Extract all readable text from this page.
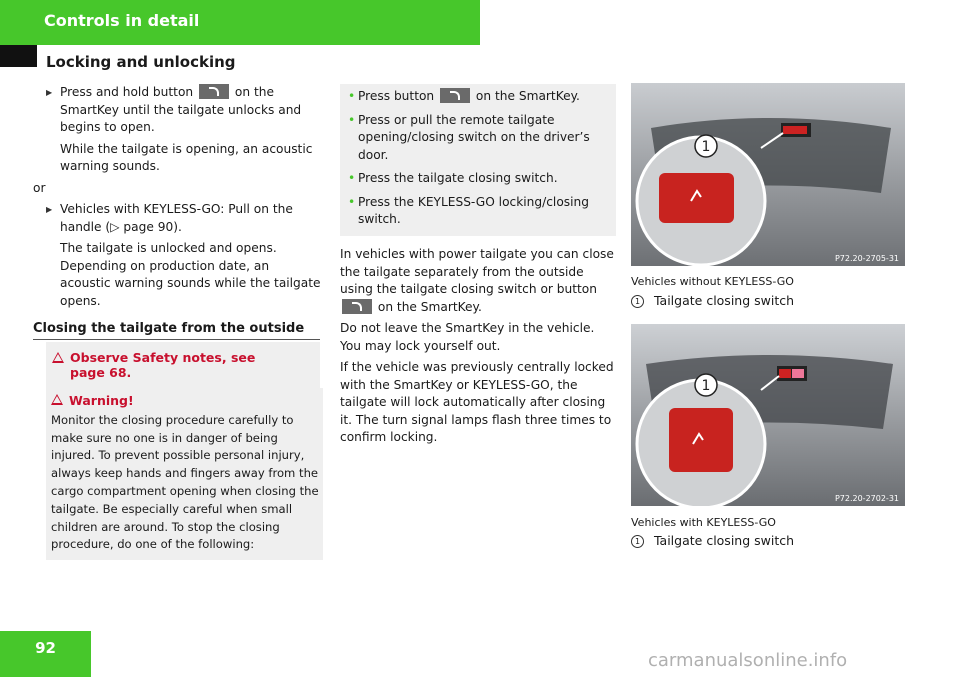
Controls in detail
Locking and unlocking

▶ Press and hold button	on the SmartKey until the tailgate unlocks and begins to open.

While the tailgate is opening, an acoustic warning sounds.

or

▶ Vehicles with KEYLESS-GO: Pull on the handle (▷ page 90).

The tailgate is unlocked and opens. Depending on production date, an acoustic warning sounds while the tailgate opens.

Closing the tailgate from the outside
Observe Safety notes, see page 68.
Warning!
Monitor the closing procedure carefully to make sure no one is in danger of being injured. To prevent possible personal injury, always keep hands and fingers away from the cargo compartment opening when closing the tailgate. Be especially careful when small children are around. To stop the closing procedure, do one of the following:
• Press button	on the SmartKey.
• Press or pull the remote tailgate opening/closing switch on the driver’s door.
• Press the tailgate closing switch.
• Press the KEYLESS-GO locking/closing switch.

In vehicles with power tailgate you can close the tailgate separately from the outside using the tailgate closing switch or button  on the SmartKey.

Do not leave the SmartKey in the vehicle. You may lock yourself out.

If the vehicle was previously centrally locked with the SmartKey or KEYLESS-GO, the tailgate will lock automatically after closing it. The turn signal lamps flash three times to confirm locking.

1
P72.20-2705-31
Vehicles without KEYLESS-GO
1 Tailgate closing switch
1
P72.20-2702-31
Vehicles with KEYLESS-GO
1 Tailgate closing switch
92
carmanualsonline.info
